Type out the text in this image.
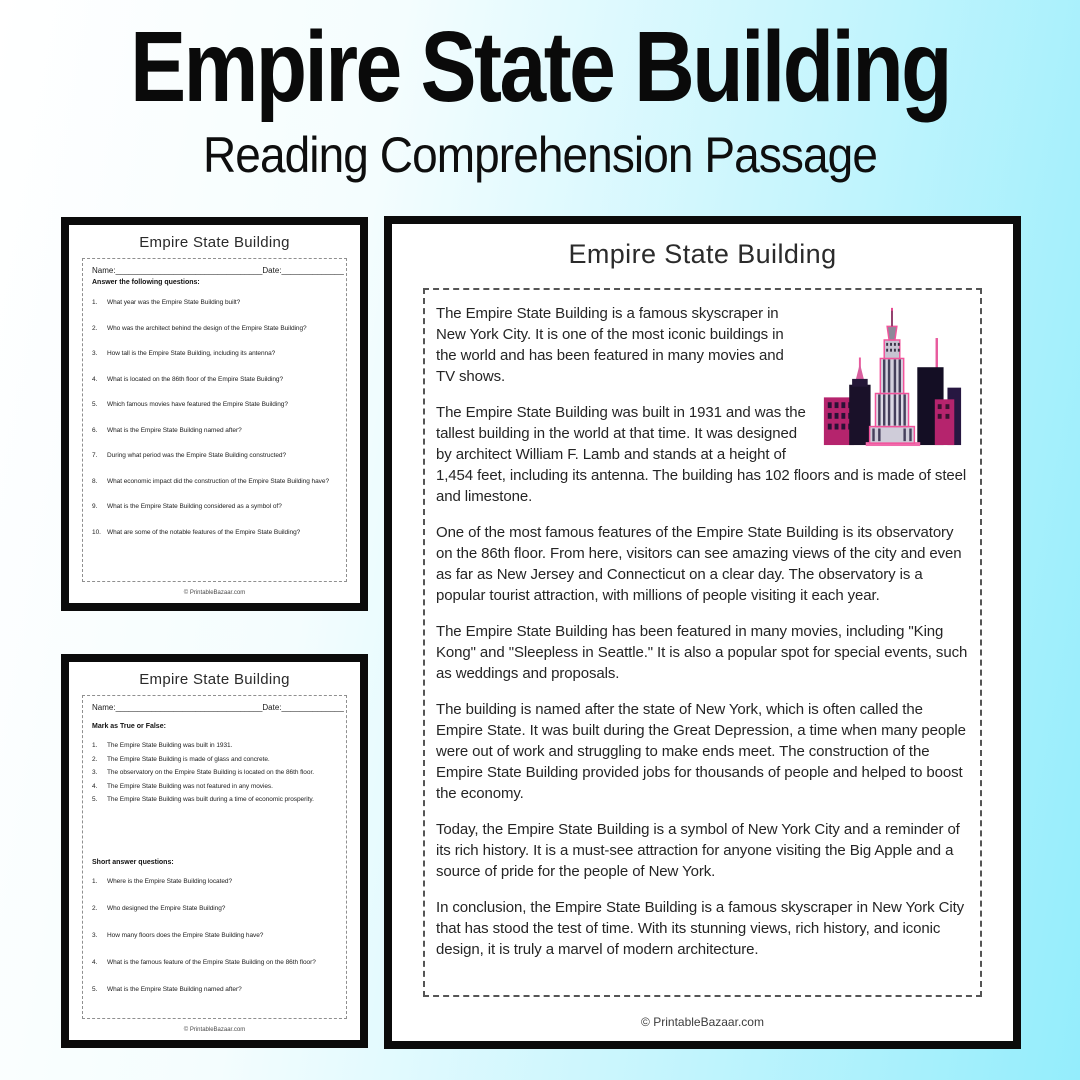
Empire State Building
Reading Comprehension Passage
Empire State Building
Name:_________________________________ Date:______________
Answer the following questions:
1.	What year was the Empire State Building built?
2.	Who was the architect behind the design of the Empire State Building?
3.	How tall is the Empire State Building, including its antenna?
4.	What is located on the 86th floor of the Empire State Building?
5.	Which famous movies have featured the Empire State Building?
6.	What is the Empire State Building named after?
7.	During what period was the Empire State Building constructed?
8.	What economic impact did the construction of the Empire State Building have?
9.	What is the Empire State Building considered as a symbol of?
10. What are some of the notable features of the Empire State Building?
© PrintableBazaar.com
Empire State Building
Name:_________________________________ Date:______________
Mark as True or False:
1.	The Empire State Building was built in 1931.
2.	The Empire State Building is made of glass and concrete.
3.	The observatory on the Empire State Building is located on the 86th floor.
4.	The Empire State Building was not featured in any movies.
5.	The Empire State Building was built during a time of economic prosperity.
Short answer questions:
1.	Where is the Empire State Building located?
2.	Who designed the Empire State Building?
3.	How many floors does the Empire State Building have?
4.	What is the famous feature of the Empire State Building on the 86th floor?
5.	What is the Empire State Building named after?
© PrintableBazaar.com
Empire State Building

The Empire State Building is a famous skyscraper in New York City. It is one of the most iconic buildings in the world and has been featured in many movies and TV shows.

The Empire State Building was built in 1931 and was the tallest building in the world at that time. It was designed by architect William F. Lamb and stands at a height of 1,454 feet, including its antenna. The building has 102 floors and is made of steel and limestone.

One of the most famous features of the Empire State Building is its observatory on the 86th floor. From here, visitors can see amazing views of the city and even as far as New Jersey and Connecticut on a clear day. The observatory is a popular tourist attraction, with millions of people visiting it each year.

The Empire State Building has been featured in many movies, including "King Kong" and "Sleepless in Seattle." It is also a popular spot for special events, such as weddings and proposals.

The building is named after the state of New York, which is often called the Empire State. It was built during the Great Depression, a time when many people were out of work and struggling to make ends meet. The construction of the Empire State Building provided jobs for thousands of people and helped to boost the economy.

Today, the Empire State Building is a symbol of New York City and a reminder of its rich history. It is a must-see attraction for anyone visiting the Big Apple and a source of pride for the people of New York.

In conclusion, the Empire State Building is a famous skyscraper in New York City that has stood the test of time. With its stunning views, rich history, and iconic design, it is truly a marvel of modern architecture.

© PrintableBazaar.com
